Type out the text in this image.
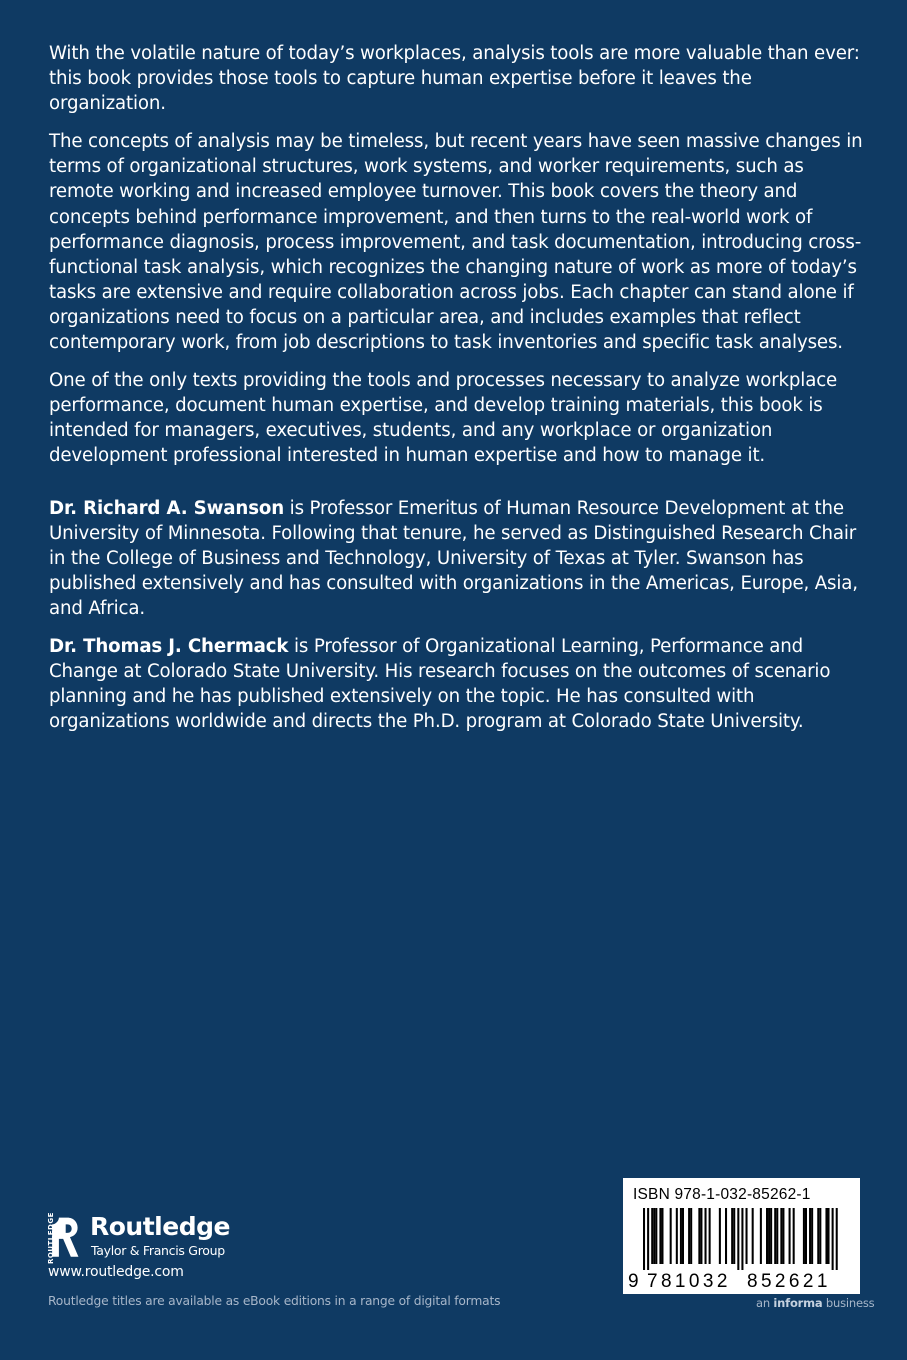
With the volatile nature of today’s workplaces, analysis tools are more valuable than ever: this book provides those tools to capture human expertise before it leaves the organization.

The concepts of analysis may be timeless, but recent years have seen massive changes in terms of organizational structures, work systems, and worker requirements, such as remote working and increased employee turnover. This book covers the theory and concepts behind performance improvement, and then turns to the real-world work of performance diagnosis, process improvement, and task documentation, introducing cross-functional task analysis, which recognizes the changing nature of work as more of today’s tasks are extensive and require collaboration across jobs. Each chapter can stand alone if organizations need to focus on a particular area, and includes examples that reflect contemporary work, from job descriptions to task inventories and specific task analyses.

One of the only texts providing the tools and processes necessary to analyze workplace performance, document human expertise, and develop training materials, this book is intended for managers, executives, students, and any workplace or organization development professional interested in human expertise and how to manage it.

Dr. Richard A. Swanson is Professor Emeritus of Human Resource Development at the University of Minnesota. Following that tenure, he served as Distinguished Research Chair in the College of Business and Technology, University of Texas at Tyler. Swanson has published extensively and has consulted with organizations in the Americas, Europe, Asia, and Africa.

Dr. Thomas J. Chermack is Professor of Organizational Learning, Performance and Change at Colorado State University. His research focuses on the outcomes of scenario planning and he has published extensively on the topic. He has consulted with organizations worldwide and directs the Ph.D. program at Colorado State University.

ROUTLEDGE Routledge
Taylor & Francis Group
www.routledge.com
Routledge titles are available as eBook editions in a range of digital formats
ISBN 978-1-032-85262-1
9 781032 852621
an informa business
